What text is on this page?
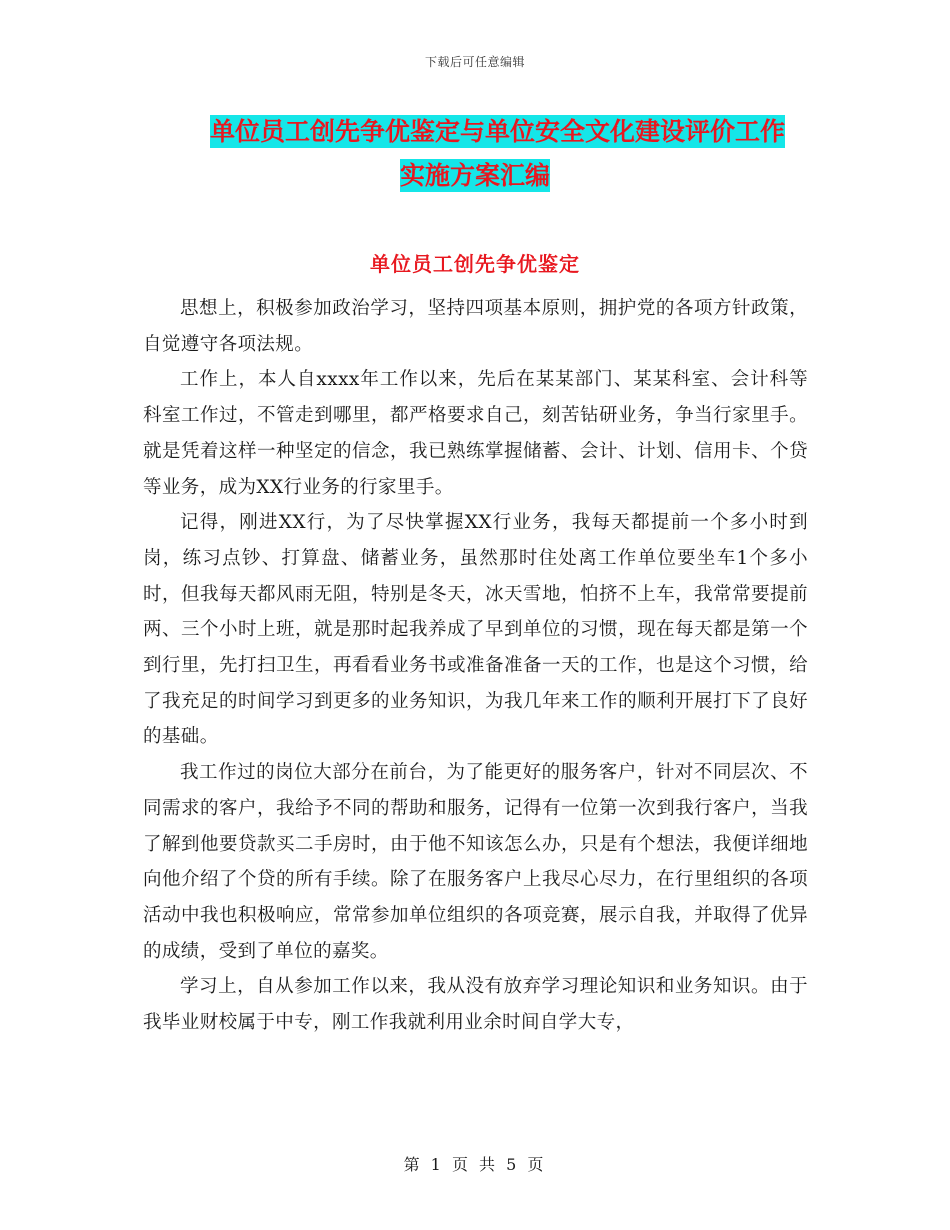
下载后可任意编辑
单位员工创先争优鉴定与单位安全文化建设评价工作
实施方案汇编
单位员工创先争优鉴定

思想上，积极参加政治学习，坚持四项基本原则，拥护党的各项方针政策，自觉遵守各项法规。

工作上，本人自xxxx年工作以来，先后在某某部门、某某科室、会计科等科室工作过，不管走到哪里，都严格要求自己，刻苦钻研业务，争当行家里手。就是凭着这样一种坚定的信念，我已熟练掌握储蓄、会计、计划、信用卡、个贷等业务，成为XX行业务的行家里手。

记得，刚进XX行，为了尽快掌握XX行业务，我每天都提前一个多小时到岗，练习点钞、打算盘、储蓄业务，虽然那时住处离工作单位要坐车1个多小时，但我每天都风雨无阻，特别是冬天，冰天雪地，怕挤不上车，我常常要提前两、三个小时上班，就是那时起我养成了早到单位的习惯，现在每天都是第一个到行里，先打扫卫生，再看看业务书或准备准备一天的工作，也是这个习惯，给了我充足的时间学习到更多的业务知识，为我几年来工作的顺利开展打下了良好的基础。

我工作过的岗位大部分在前台，为了能更好的服务客户，针对不同层次、不同需求的客户，我给予不同的帮助和服务，记得有一位第一次到我行客户，当我了解到他要贷款买二手房时，由于他不知该怎么办，只是有个想法，我便详细地向他介绍了个贷的所有手续。除了在服务客户上我尽心尽力，在行里组织的各项活动中我也积极响应，常常参加单位组织的各项竞赛，展示自我，并取得了优异的成绩，受到了单位的嘉奖。

学习上，自从参加工作以来，我从没有放弃学习理论知识和业务知识。由于我毕业财校属于中专，刚工作我就利用业余时间自学大专，

第 1 页 共 5 页
